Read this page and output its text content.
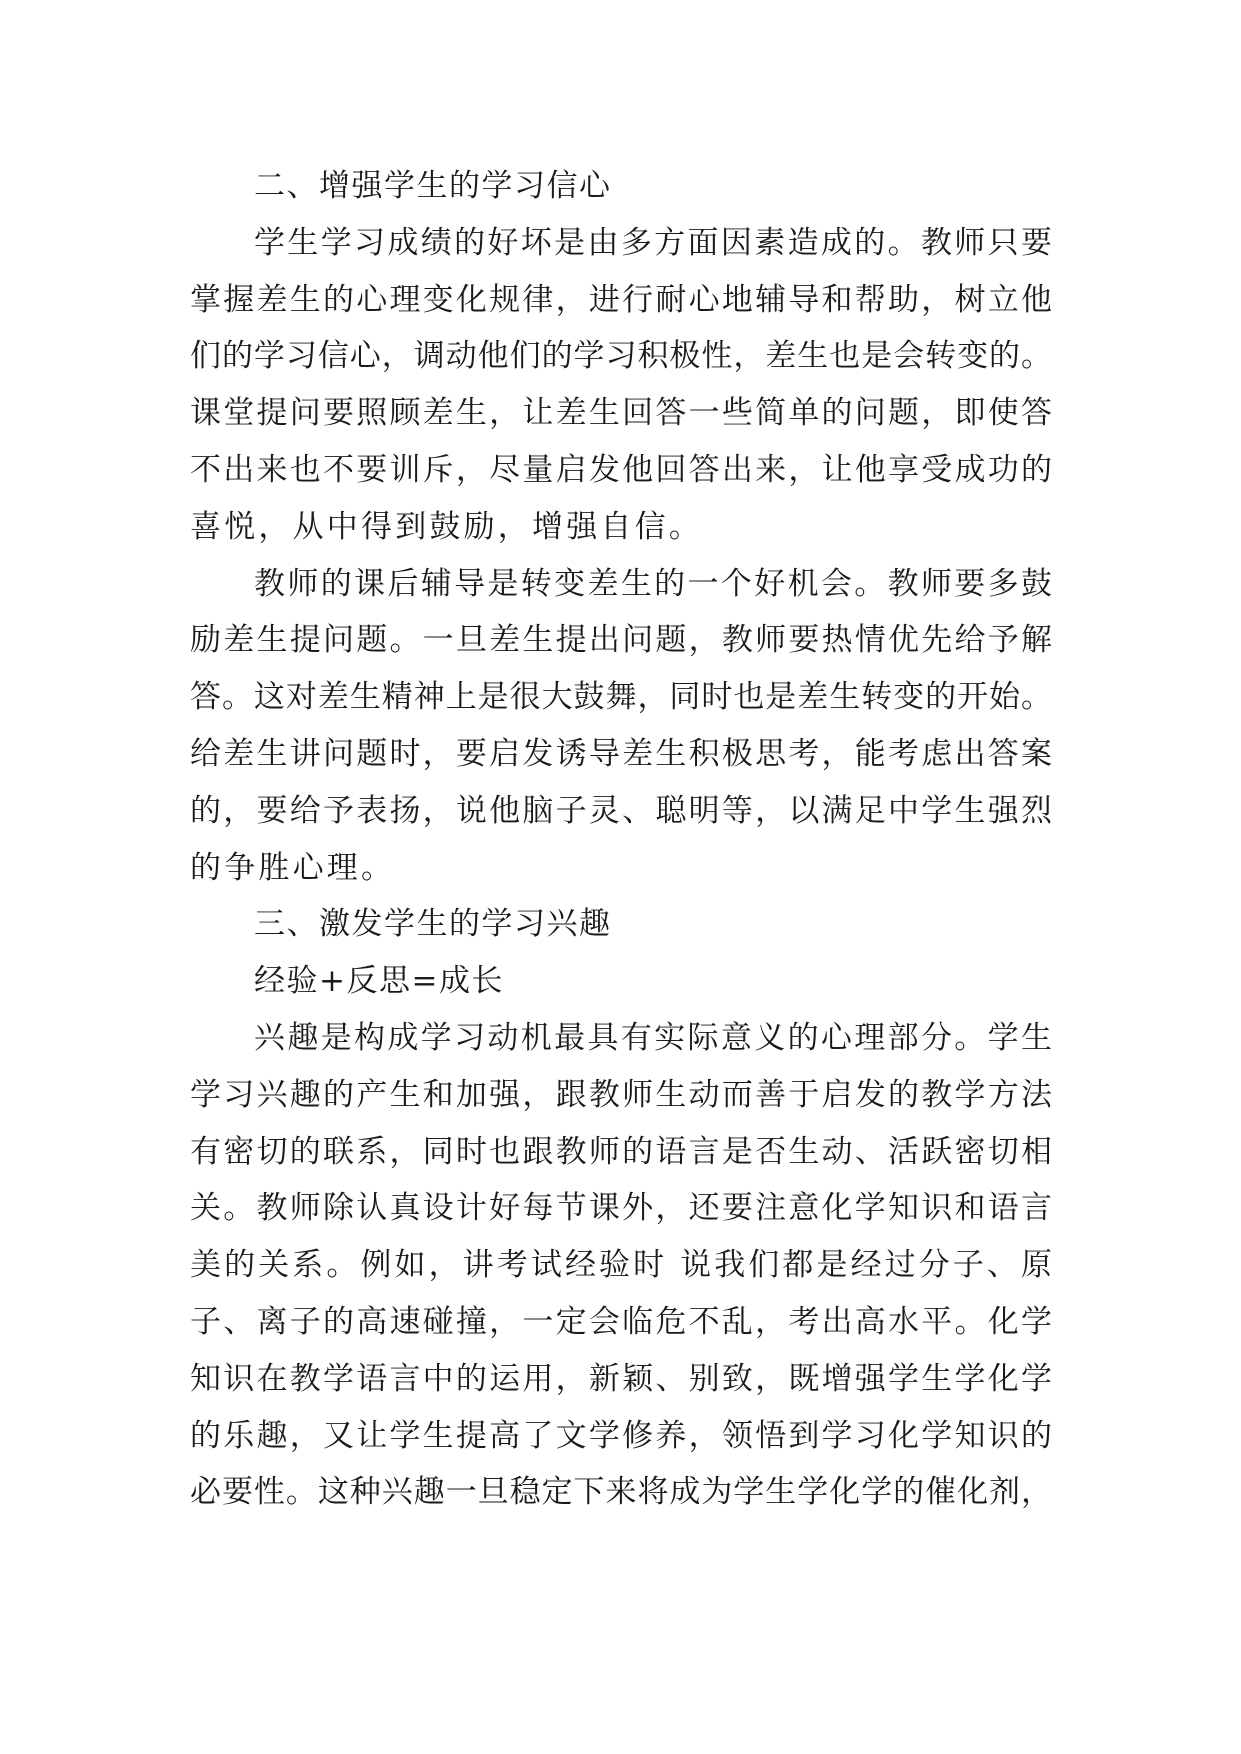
二、增强学生的学习信心
学生学习成绩的好坏是由多方面因素造成的。教师只要
掌握差生的心理变化规律，进行耐心地辅导和帮助，树立他
们的学习信心，调动他们的学习积极性，差生也是会转变的。
课堂提问要照顾差生，让差生回答一些简单的问题，即使答
不出来也不要训斥，尽量启发他回答出来，让他享受成功的
喜悦，从中得到鼓励，增强自信。
教师的课后辅导是转变差生的一个好机会。教师要多鼓
励差生提问题。一旦差生提出问题，教师要热情优先给予解
答。这对差生精神上是很大鼓舞，同时也是差生转变的开始。
给差生讲问题时，要启发诱导差生积极思考，能考虑出答案
的，要给予表扬，说他脑子灵、聪明等，以满足中学生强烈
的争胜心理。
三、激发学生的学习兴趣
经验+反思=成长
兴趣是构成学习动机最具有实际意义的心理部分。学生
学习兴趣的产生和加强，跟教师生动而善于启发的教学方法
有密切的联系，同时也跟教师的语言是否生动、活跃密切相
关。教师除认真设计好每节课外，还要注意化学知识和语言
美的关系。例如，讲考试经验时 说我们都是经过分子、原
子、离子的高速碰撞，一定会临危不乱，考出高水平。化学
知识在教学语言中的运用，新颖、别致，既增强学生学化学
的乐趣，又让学生提高了文学修养，领悟到学习化学知识的
必要性。这种兴趣一旦稳定下来将成为学生学化学的催化剂，
